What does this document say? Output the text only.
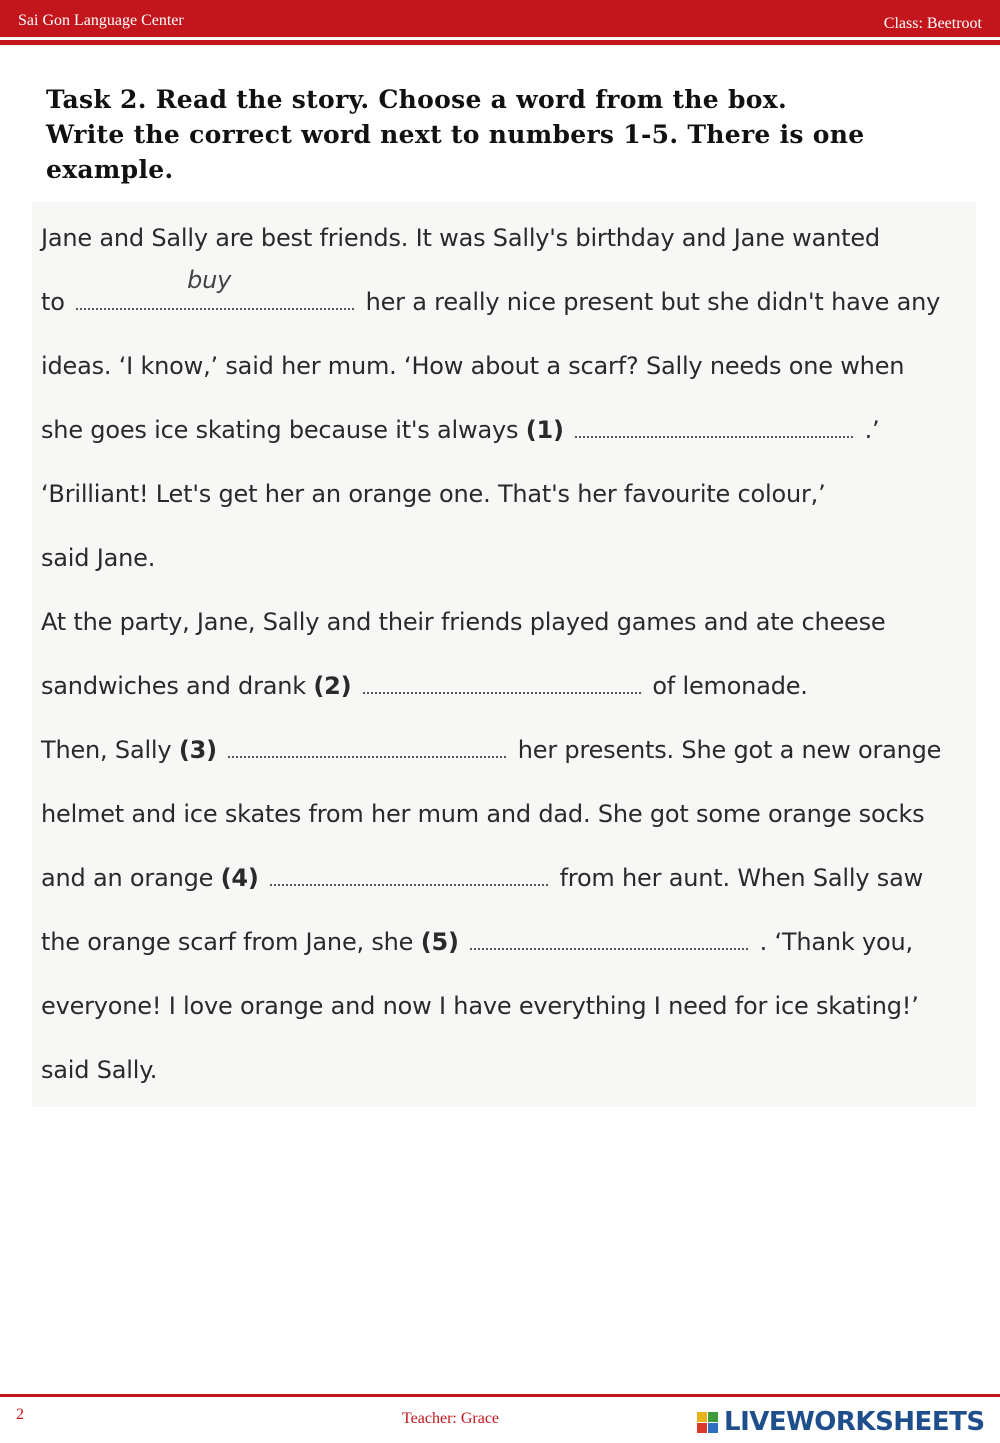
Sai Gon Language Center	Class: Beetroot
Task 2. Read the story. Choose a word from the box.
Write the correct word next to numbers 1-5. There is one
example.
Jane and Sally are best friends. It was Sally's birthday and Jane wanted
to
buy
her a really nice present but she didn't have any
ideas. ‘I know,’ said her mum. ‘How about a scarf? Sally needs one when
she goes ice skating because it's always (1)	.’
‘Brilliant! Let's get her an orange one. That's her favourite colour,’
said Jane.
At the party, Jane, Sally and their friends played games and ate cheese
sandwiches and drank (2)	of lemonade.
Then, Sally (3)	her presents. She got a new orange
helmet and ice skates from her mum and dad. She got some orange socks
and an orange (4)	from her aunt. When Sally saw
the orange scarf from Jane, she (5)	. ‘Thank you,
everyone! I love orange and now I have everything I need for ice skating!’
said Sally.
2	Teacher: Grace	LIVEWORKSHEETS
